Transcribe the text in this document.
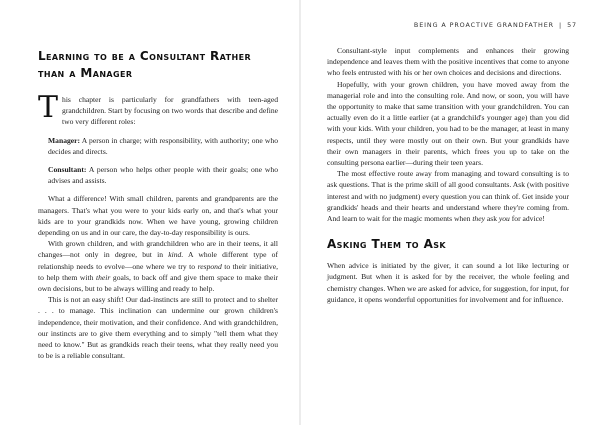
Learning to be a Consultant Rather than a Manager

This chapter is particularly for grandfathers with teen-aged grandchildren. Start by focusing on two words that describe and define two very different roles:

Manager: A person in charge; with responsibility, with authority; one who decides and directs.

Consultant: A person who helps other people with their goals; one who advises and assists.

What a difference! With small children, parents and grandparents are the managers. That's what you were to your kids early on, and that's what your kids are to your grandkids now. When we have young, growing children depending on us and in our care, the day-to-day responsibility is ours.

With grown children, and with grandchildren who are in their teens, it all changes—not only in degree, but in kind. A whole different type of relationship needs to evolve—one where we try to respond to their initiative, to help them with their goals, to back off and give them space to make their own decisions, but to be always willing and ready to help.

This is not an easy shift! Our dad-instincts are still to protect and to shelter . . . to manage. This inclination can undermine our grown children's independence, their motivation, and their confidence. And with grandchildren, our instincts are to give them everything and to simply "tell them what they need to know." But as grandkids reach their teens, what they really need you to be is a reliable consultant.

BEING A PROACTIVE GRANDFATHER | 57

Consultant-style input complements and enhances their growing independence and leaves them with the positive incentives that come to anyone who feels entrusted with his or her own choices and decisions and directions.

Hopefully, with your grown children, you have moved away from the managerial role and into the consulting role. And now, or soon, you will have the opportunity to make that same transition with your grandchildren. You can actually even do it a little earlier (at a grandchild's younger age) than you did with your kids. With your children, you had to be the manager, at least in many respects, until they were mostly out on their own. But your grandkids have their own managers in their parents, which frees you up to take on the consulting persona earlier—during their teen years.

The most effective route away from managing and toward consulting is to ask questions. That is the prime skill of all good consultants. Ask (with positive interest and with no judgment) every question you can think of. Get inside your grandkids' heads and their hearts and understand where they're coming from. And learn to wait for the magic moments when they ask you for advice!

Asking Them to Ask

When advice is initiated by the giver, it can sound a lot like lecturing or judgment. But when it is asked for by the receiver, the whole feeling and chemistry changes. When we are asked for advice, for suggestion, for input, for guidance, it opens wonderful opportunities for involvement and for influence.
